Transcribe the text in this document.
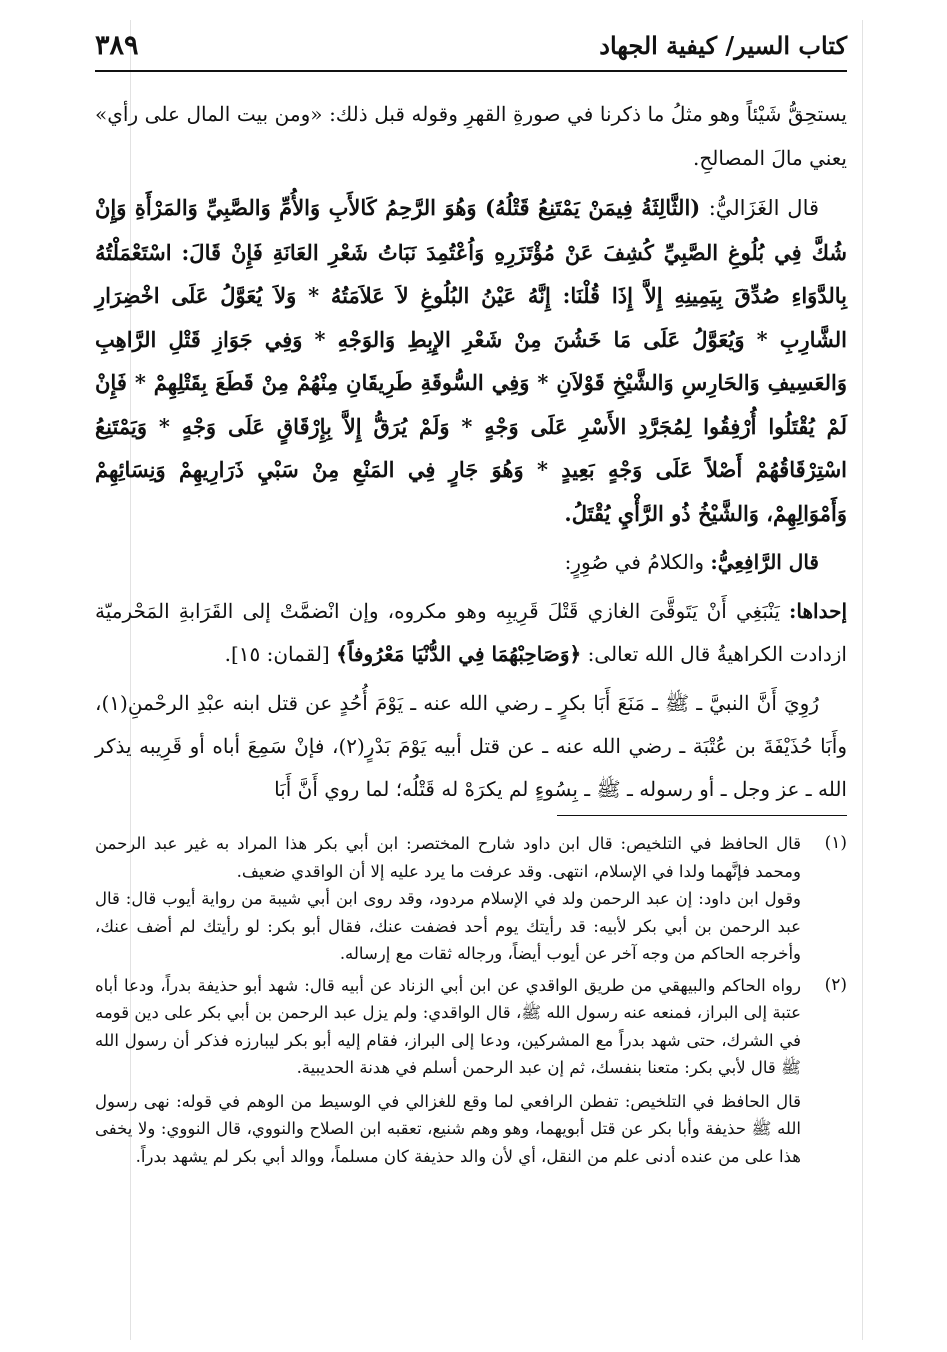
كتاب السير/ كيفية الجهاد
٣٨٩

يستحِقُّ شَيْئاً وهو مثلُ ما ذكرنا في صورةِ القهرِ وقوله قبل ذلك: «ومن بيت المال على رأي» يعني مالَ المصالحِ.

قال الغَزَاليُّ: (الثَّالِثَةُ فِيمَنْ يَمْتَنِعُ قَتْلُهُ) وَهُوَ الرَّحِمُ كَالأَبِ وَالأُمِّ وَالصَّبِيِّ وَالمَرْأَةِ وَإِنْ شُكَّ فِي بُلُوغِ الصَّبِيِّ كُشِفَ عَنْ مُؤْتَزَرِهِ وَاُعْتُمِدَ نَبَاتُ شَعْرِ العَانَةِ فَإِنْ قَالَ: اسْتَعْمَلْتُهُ بِالدَّوَاءِ صُدِّقَ بِيَمِينِهِ إِلاَّ إِذَا قُلْنَا: إِنَّهُ عَيْنُ البُلُوغِ لاَ عَلاَمَتُهُ * وَلاَ يُعَوَّلُ عَلَى اخْضِرَارِ الشَّارِبِ * وَيُعَوَّلُ عَلَى مَا خَشُنَ مِنْ شَعْرِ الإِبِطِ وَالوَجْهِ * وَفِي جَوَازِ قَتْلِ الرَّاهِبِ وَالعَسِيفِ وَالحَارِسِ وَالشَّيْخِ قَوْلاَنِ * وَفِي السُّوقَةِ طَرِيقَانِ مِنْهُمْ مِنْ قَطَعَ بِقَتْلِهِمْ * فَإِنْ لَمْ يُقْتَلُوا أُرْفِقُوا لِمُجَرَّدِ الأَسْرِ عَلَى وَجْهٍ * وَلَمْ يُرَقُّ إِلاَّ بِإِرْقَاقٍ عَلَى وَجْهٍ * وَيَمْتَنِعُ اسْتِرْقَاقُهُمْ أَصْلاً عَلَى وَجْهٍ بَعِيدٍ * وَهُوَ جَارٍ فِي المَنْعِ مِنْ سَبْيِ ذَرَارِيهِمْ وَنِسَائِهِمْ وَأَمْوَالِهِمْ، وَالشَّيْخُ ذُو الرَّأْيِ يُقْتَلُ.

قال الرَّافِعِيُّ: والكلامُ في صُوِرٍ:

إحداها: يَنْبَغِي أَنْ يَتَوقَّىَ الغازي قَتْلَ قَرِيبِه وهو مكروه، وإن انْضمَّتْ إلى القَرَابةِ المَحْرميّة ازدادت الكراهيةُ قال الله تعالى: ﴿وَصَاحِبْهُمَا فِي الدُّنْيَا مَعْرُوفاً﴾ [لقمان: ١٥].

رُوِيَ أَنَّ النبيَّ ـ ﷺ ـ مَنَعَ أَبَا بكرٍ ـ رضي الله عنه ـ يَوْمَ أُحُدٍ عن قتل ابنه عبْدِ الرحْمنِ(١)، وأَبَا حُذَيْفَةَ بن عُتْبَة ـ رضي الله عنه ـ عن قتل أبيه يَوْمَ بَدْرٍ(٢)، فإنْ سَمِعَ أباه أو قَرِيبه يذكر الله ـ عز وجل ـ أو رسوله ـ ﷺ ـ بِسُوءٍ لم يكرَهْ له قَتْلُه؛ لما روي أَنَّ أَبَا

(١)

قال الحافظ في التلخيص: قال ابن داود شارح المختصر: ابن أبي بكر هذا المراد به غير عبد الرحمن ومحمد فإنَّهما ولدا في الإسلام، انتهى. وقد عرفت ما يرد عليه إلا أن الواقدي ضعيف.

وقول ابن داود: إن عبد الرحمن ولد في الإسلام مردود، وقد روى ابن أبي شيبة من رواية أيوب قال: قال عبد الرحمن بن أبي بكر لأبيه: قد رأيتك يوم أحد فضفت عنك، فقال أبو بكر: لو رأيتك لم أضف عنك، وأخرجه الحاكم من وجه آخر عن أيوب أيضاً، ورجاله ثقات مع إرساله.

(٢)

رواه الحاكم والبيهقي من طريق الواقدي عن ابن أبي الزناد عن أبيه قال: شهد أبو حذيفة بدراً، ودعا أباه عتبة إلى البراز، فمنعه عنه رسول الله ﷺ، قال الواقدي: ولم يزل عبد الرحمن بن أبي بكر على دين قومه في الشرك، حتى شهد بدراً مع المشركين، ودعا إلى البراز، فقام إليه أبو بكر ليبارزه فذكر أن رسول الله ﷺ قال لأبي بكر: متعنا بنفسك، ثم إن عبد الرحمن أسلم في هدنة الحديبية.

قال الحافظ في التلخيص: تفطن الرافعي لما وقع للغزالي في الوسيط من الوهم في قوله: نهى رسول الله ﷺ حذيفة وأبا بكر عن قتل أبويهما، وهو وهم شنيع، تعقبه ابن الصلاح والنووي، قال النووي: ولا يخفى هذا على من عنده أدنى علم من النقل، أي لأن والد حذيفة كان مسلماً، ووالد أبي بكر لم يشهد بدراً.
